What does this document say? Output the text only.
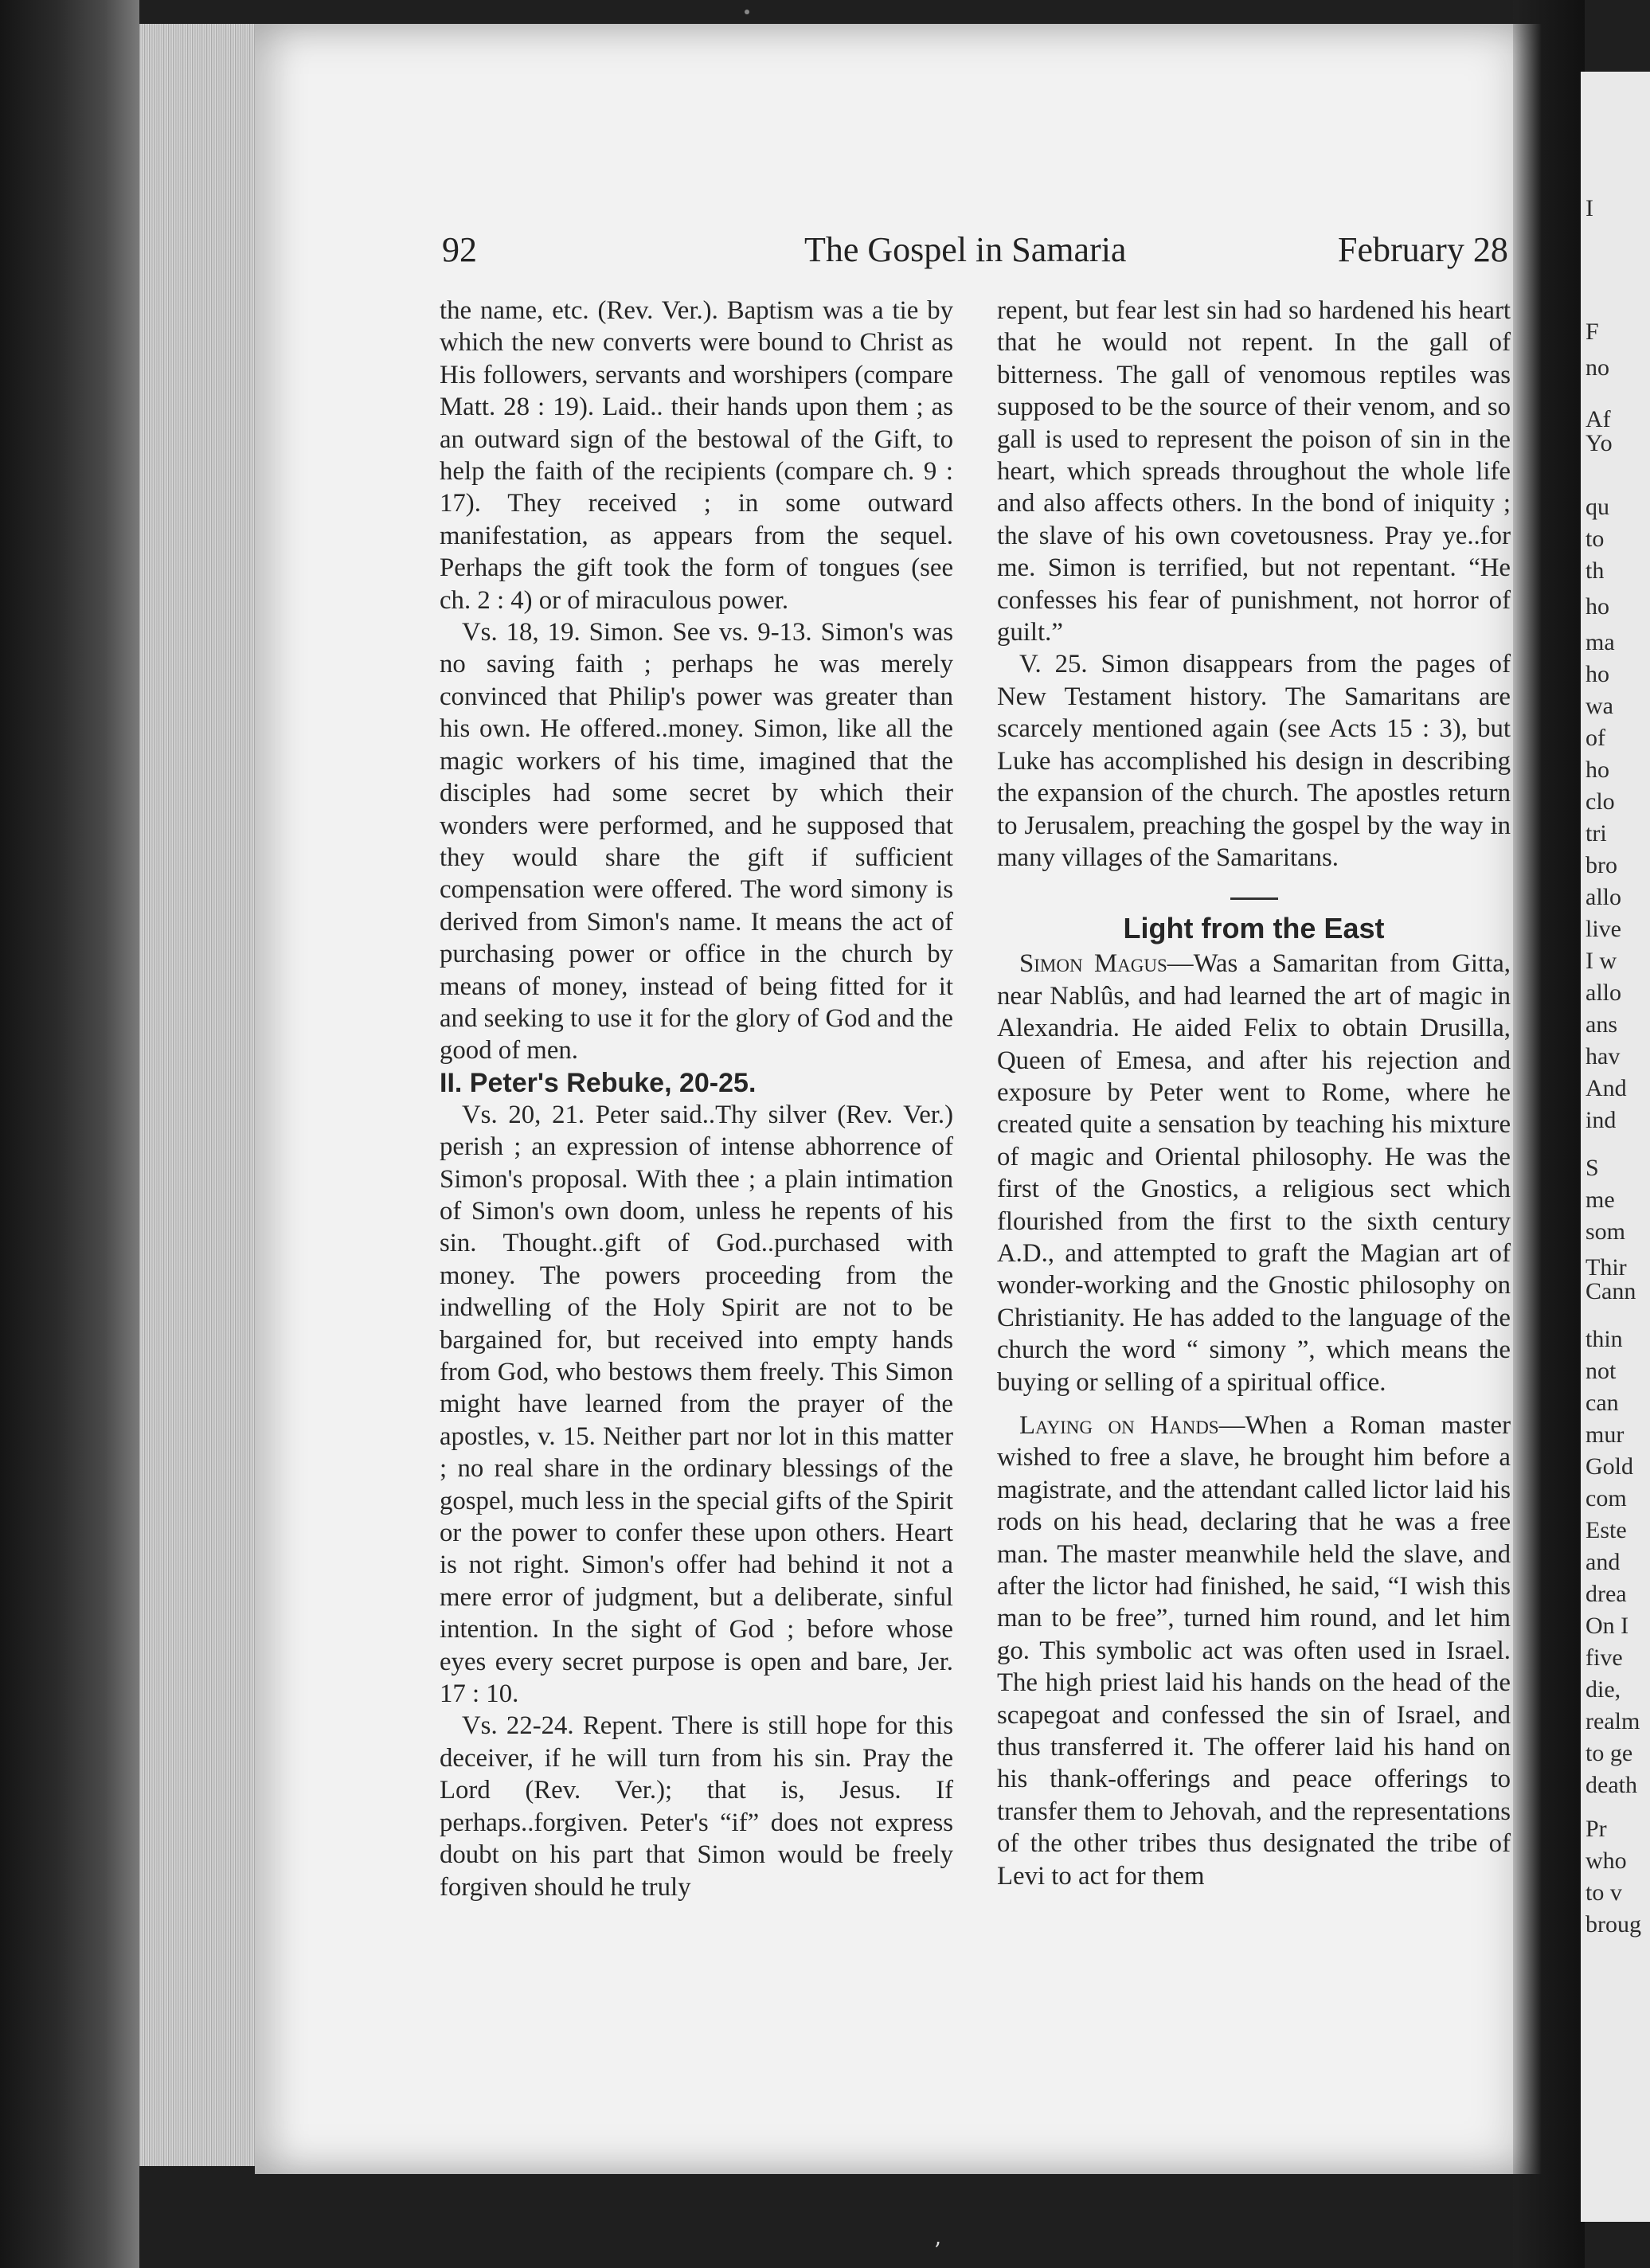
I
F
no
Af
Yo
qu
to
th
ho
ma
ho
wa
of
ho
clo
tri
bro
allo
live
I w
allo
ans
hav
And
ind
S
me
som
Thir
Cann
thin
not
can
mur
Gold
com
Este
and
drea
On I
five
die,
realm
to ge
death
Pr
who
to v
broug
92	The Gospel in Samaria	February 28

the name, etc. (Rev. Ver.). Baptism was a tie by which the new converts were bound to Christ as His followers, servants and worshipers (compare Matt. 28 : 19). Laid.. their hands upon them ; as an outward sign of the bestowal of the Gift, to help the faith of the recipients (compare ch. 9 : 17). They received ; in some outward manifestation, as appears from the sequel. Perhaps the gift took the form of tongues (see ch. 2 : 4) or of miraculous power.

Vs. 18, 19. Simon. See vs. 9-13. Simon's was no saving faith ; perhaps he was merely convinced that Philip's power was greater than his own. He offered..money. Simon, like all the magic workers of his time, imagined that the disciples had some secret by which their wonders were performed, and he supposed that they would share the gift if sufficient compensation were offered. The word simony is derived from Simon's name. It means the act of purchasing power or office in the church by means of money, instead of being fitted for it and seeking to use it for the glory of God and the good of men.

II. Peter's Rebuke, 20-25.

Vs. 20, 21. Peter said..Thy silver (Rev. Ver.) perish ; an expression of intense abhorrence of Simon's proposal. With thee ; a plain intimation of Simon's own doom, unless he repents of his sin. Thought..gift of God..purchased with money. The powers proceeding from the indwelling of the Holy Spirit are not to be bargained for, but received into empty hands from God, who bestows them freely. This Simon might have learned from the prayer of the apostles, v. 15. Neither part nor lot in this matter ; no real share in the ordinary blessings of the gospel, much less in the special gifts of the Spirit or the power to confer these upon others. Heart is not right. Simon's offer had behind it not a mere error of judgment, but a deliberate, sinful intention. In the sight of God ; before whose eyes every secret purpose is open and bare, Jer. 17 : 10.

Vs. 22-24. Repent. There is still hope for this deceiver, if he will turn from his sin. Pray the Lord (Rev. Ver.); that is, Jesus. If perhaps..forgiven. Peter's “if” does not express doubt on his part that Simon would be freely forgiven should he truly

repent, but fear lest sin had so hardened his heart that he would not repent. In the gall of bitterness. The gall of venomous reptiles was supposed to be the source of their venom, and so gall is used to represent the poison of sin in the heart, which spreads throughout the whole life and also affects others. In the bond of iniquity ; the slave of his own covetousness. Pray ye..for me. Simon is terrified, but not repentant. “He confesses his fear of punishment, not horror of guilt.”

V. 25. Simon disappears from the pages of New Testament history. The Samaritans are scarcely mentioned again (see Acts 15 : 3), but Luke has accomplished his design in describing the expansion of the church. The apostles return to Jerusalem, preaching the gospel by the way in many villages of the Samaritans.

Light from the East

Simon Magus—Was a Samaritan from Gitta, near Nablûs, and had learned the art of magic in Alexandria. He aided Felix to obtain Drusilla, Queen of Emesa, and after his rejection and exposure by Peter went to Rome, where he created quite a sensation by teaching his mixture of magic and Oriental philosophy. He was the first of the Gnostics, a religious sect which flourished from the first to the sixth century A.D., and attempted to graft the Magian art of wonder-working and the Gnostic philosophy on Christianity. He has added to the language of the church the word “ simony ”, which means the buying or selling of a spiritual office.

Laying on Hands—When a Roman master wished to free a slave, he brought him before a magistrate, and the attendant called lictor laid his rods on his head, declaring that he was a free man. The master meanwhile held the slave, and after the lictor had finished, he said, “I wish this man to be free”, turned him round, and let him go. This symbolic act was often used in Israel. The high priest laid his hands on the head of the scapegoat and confessed the sin of Israel, and thus transferred it. The offerer laid his hand on his thank-offerings and peace offerings to transfer them to Jehovah, and the representations of the other tribes thus designated the tribe of Levi to act for them

ʼ
